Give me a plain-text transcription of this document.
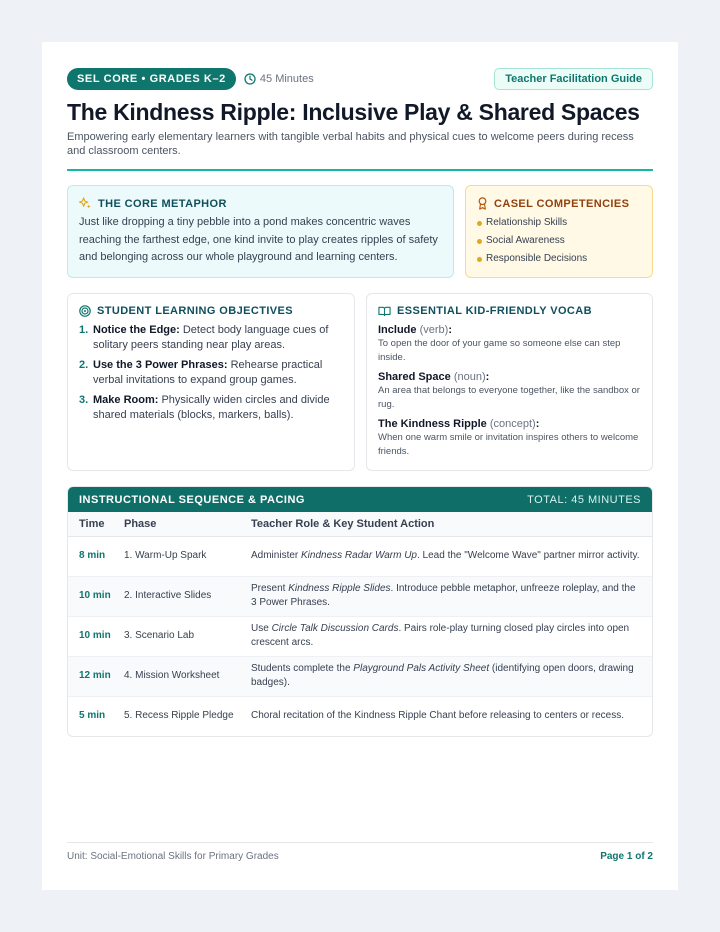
SEL CORE • GRADES K–2	45 Minutes	Teacher Facilitation Guide
The Kindness Ripple: Inclusive Play & Shared Spaces
Empowering early elementary learners with tangible verbal habits and physical cues to welcome peers during recess and classroom centers.
THE CORE METAPHOR
Just like dropping a tiny pebble into a pond makes concentric waves reaching the farthest edge, one kind invite to play creates ripples of safety and belonging across our whole playground and learning centers.
CASEL COMPETENCIES
Relationship Skills
Social Awareness
Responsible Decisions
STUDENT LEARNING OBJECTIVES
1. Notice the Edge: Detect body language cues of solitary peers standing near play areas.
2. Use the 3 Power Phrases: Rehearse practical verbal invitations to expand group games.
3. Make Room: Physically widen circles and divide shared materials (blocks, markers, balls).
ESSENTIAL KID-FRIENDLY VOCAB
Include (verb):
To open the door of your game so someone else can step inside.
Shared Space (noun):
An area that belongs to everyone together, like the sandbox or rug.
The Kindness Ripple (concept):
When one warm smile or invitation inspires others to welcome friends.
INSTRUCTIONAL SEQUENCE & PACING	TOTAL: 45 MINUTES
Time	Phase	Teacher Role & Key Student Action
8 min	1. Warm-Up Spark	Administer Kindness Radar Warm Up. Lead the "Welcome Wave" partner mirror activity.
10 min	2. Interactive Slides	Present Kindness Ripple Slides. Introduce pebble metaphor, unfreeze roleplay, and the 3 Power Phrases.
10 min	3. Scenario Lab	Use Circle Talk Discussion Cards. Pairs role-play turning closed play circles into open crescent arcs.
12 min	4. Mission Worksheet	Students complete the Playground Pals Activity Sheet (identifying open doors, drawing badges).
5 min	5. Recess Ripple Pledge	Choral recitation of the Kindness Ripple Chant before releasing to centers or recess.
Unit: Social-Emotional Skills for Primary Grades	Page 1 of 2
